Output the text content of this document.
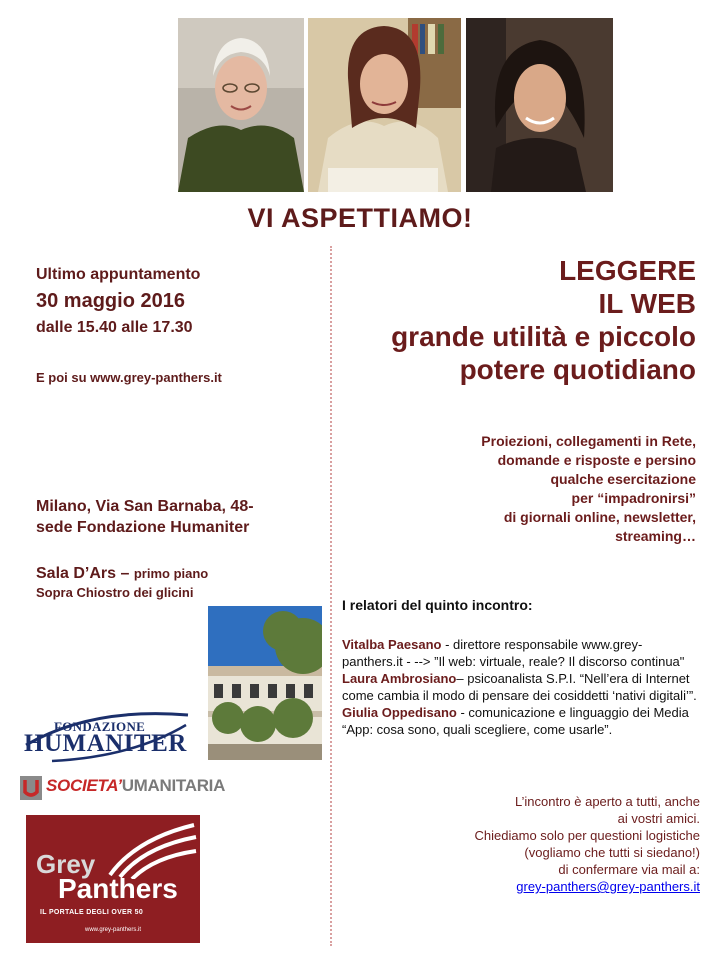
VI ASPETTIAMO!
Ultimo appuntamento
30 maggio 2016
dalle 15.40 alle 17.30
E poi su www.grey-panthers.it
LEGGERE
IL WEB
grande utilità e piccolo
potere quotidiano
Proiezioni, collegamenti in Rete,
domande e risposte e persino
qualche esercitazione
per “impadronirsi”
di giornali online, newsletter,
streaming…
Milano, Via San Barnaba, 48-
sede Fondazione Humaniter
Sala D’Ars – primo piano
Sopra Chiostro dei glicini
I relatori del quinto incontro:

Vitalba Paesano - direttore responsabile www.grey-panthers.it - --> ”Il web: virtuale, reale? Il discorso continua"

Laura Ambrosiano– psicoanalista S.P.I. “Nell’era di Internet come cambia il modo di pensare dei cosiddetti ‘nativi digitali’”.

Giulia Oppedisano - comunicazione e linguaggio dei Media “App: cosa sono, quali scegliere, come usarle”.

L’incontro è aperto a tutti, anche
ai vostri amici.
Chiediamo solo per questioni logistiche
(vogliamo che tutti si siedano!)
di confermare via mail a:
grey-panthers@grey-panthers.it
FONDAZIONE
HUMANITER
SOCIETA’UMANITARIA
Grey
Panthers
IL PORTALE DEGLI OVER 50
www.grey-panthers.it
